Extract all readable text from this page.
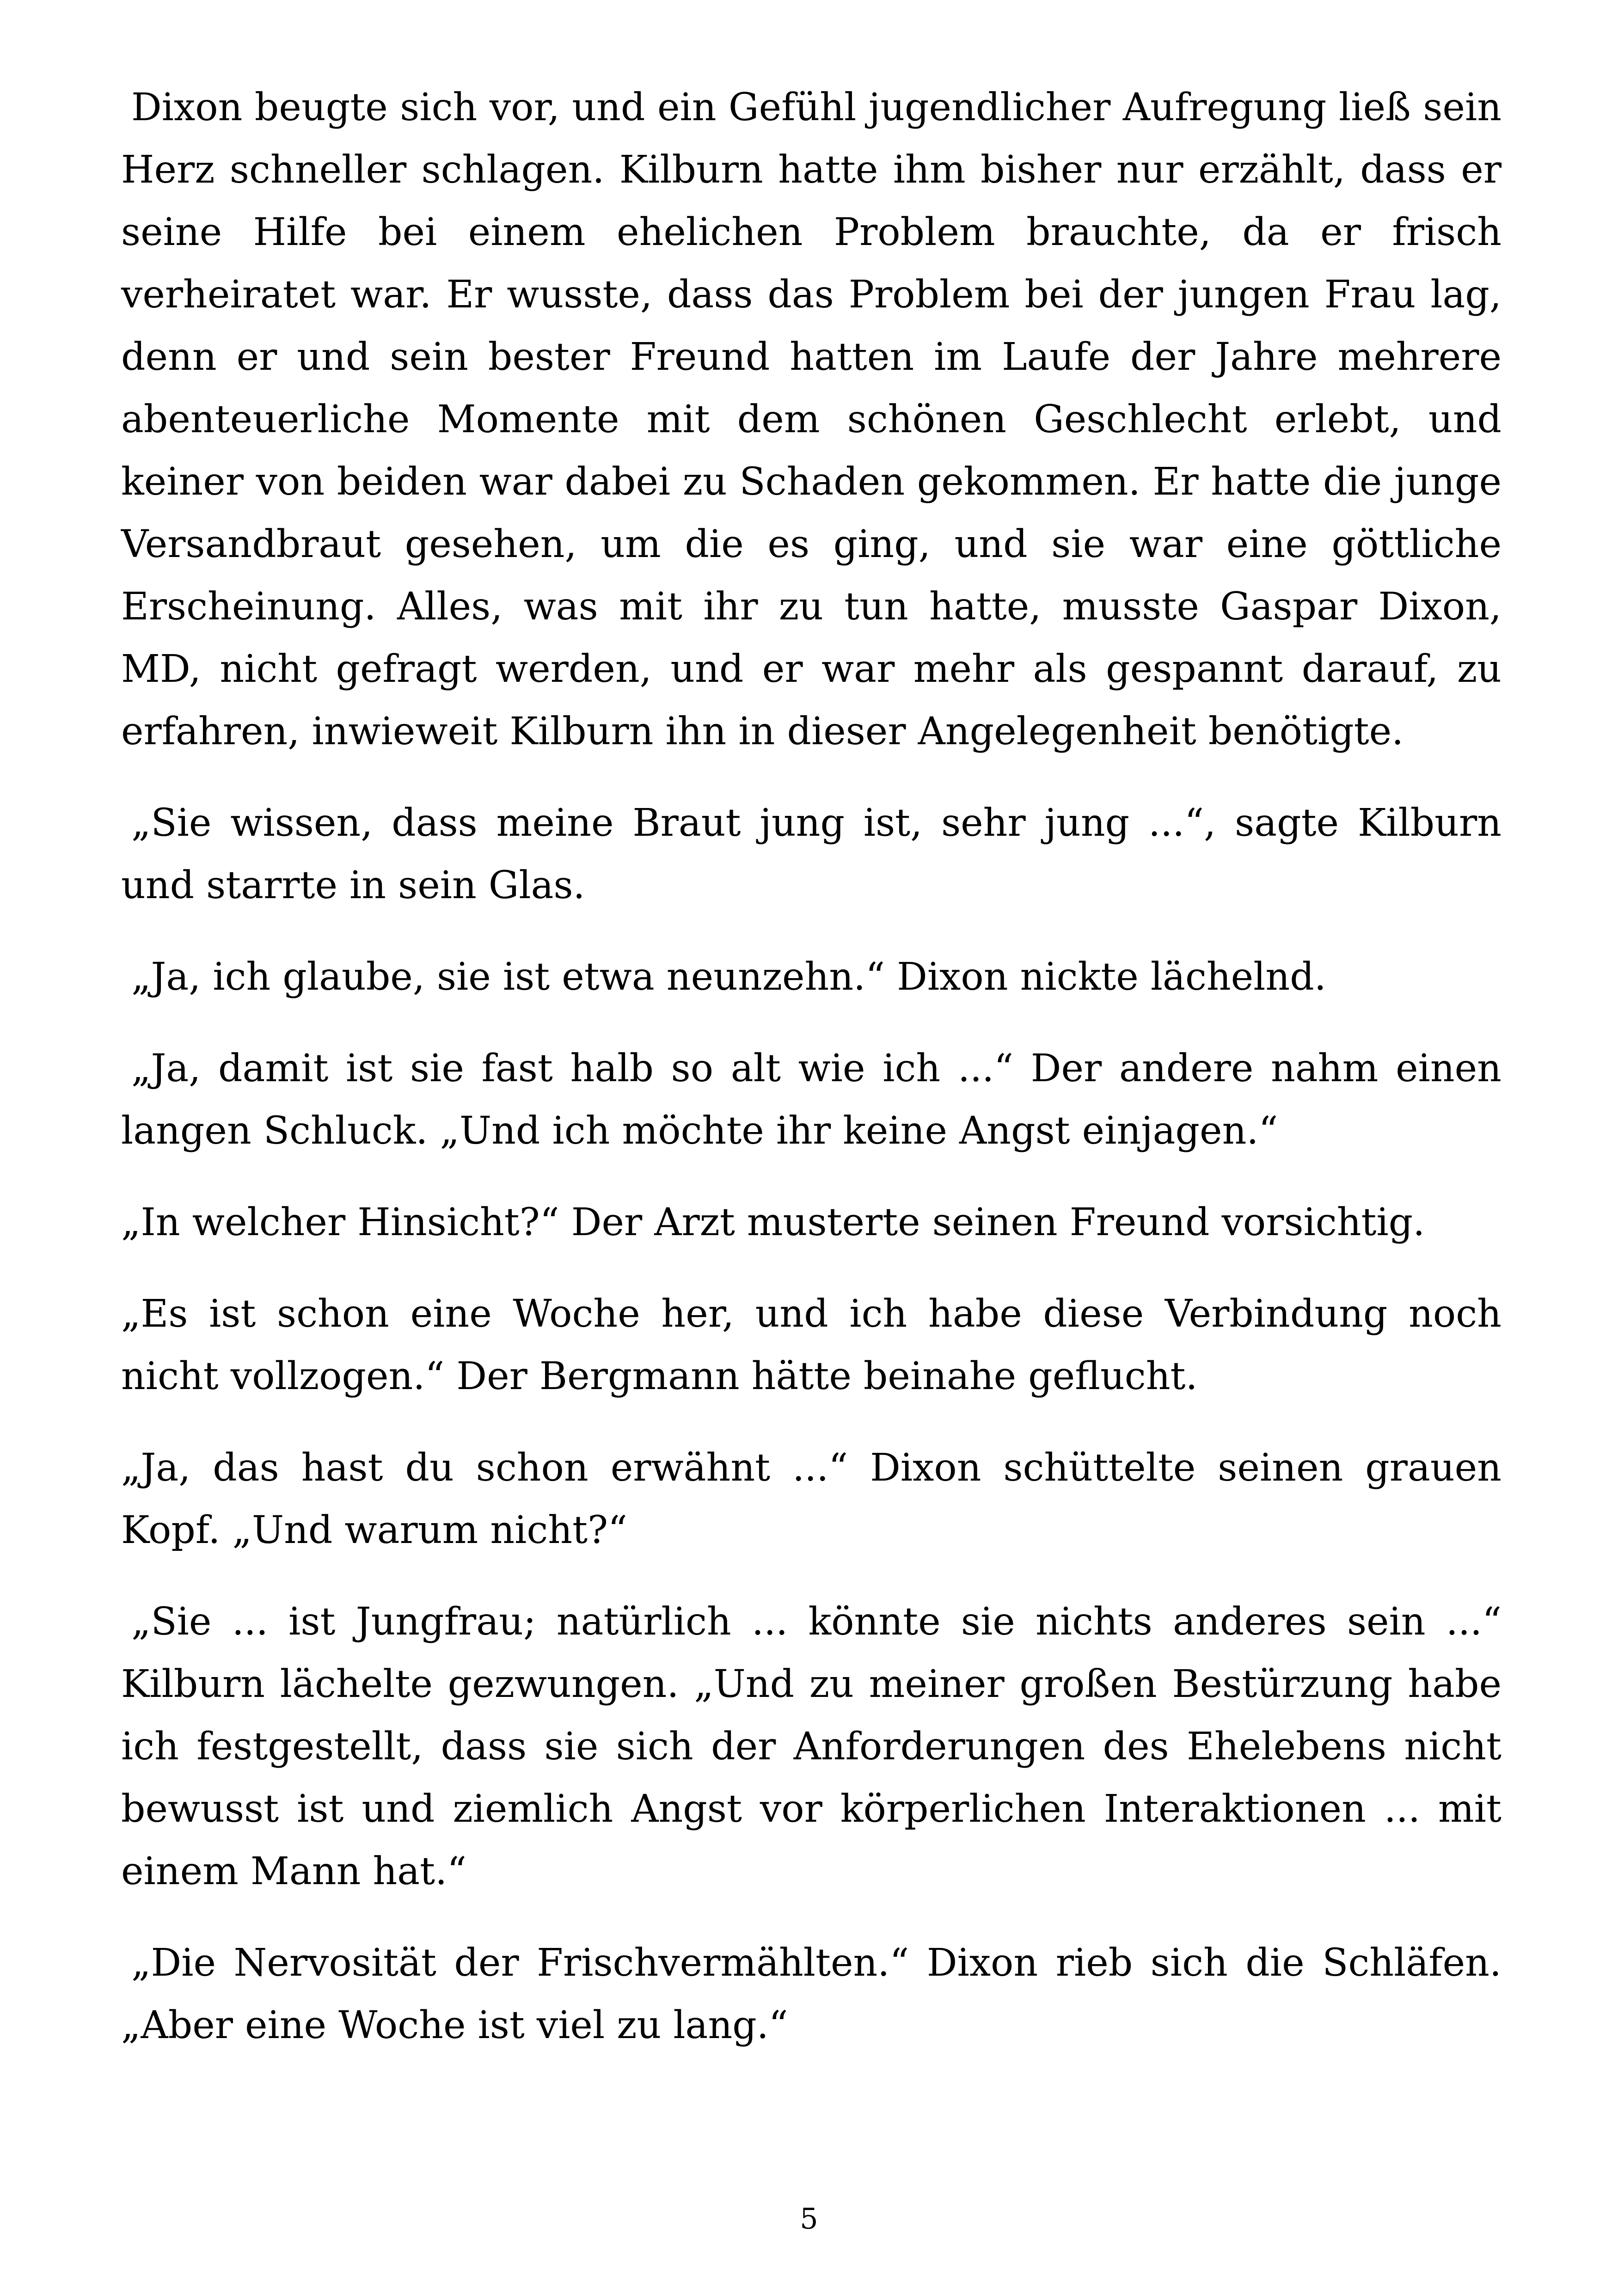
Dixon beugte sich vor, und ein Gefühl jugendlicher Aufregung ließ sein Herz schneller schlagen. Kilburn hatte ihm bisher nur erzählt, dass er seine Hilfe bei einem ehelichen Problem brauchte, da er frisch verheiratet war. Er wusste, dass das Problem bei der jungen Frau lag, denn er und sein bester Freund hatten im Laufe der Jahre mehrere abenteuerliche Momente mit dem schönen Geschlecht erlebt, und keiner von beiden war dabei zu Schaden gekommen. Er hatte die junge Versandbraut gesehen, um die es ging, und sie war eine göttliche Erscheinung. Alles, was mit ihr zu tun hatte, musste Gaspar Dixon, MD, nicht gefragt werden, und er war mehr als gespannt darauf, zu erfahren, inwieweit Kilburn ihn in dieser Angelegenheit benötigte.

„Sie wissen, dass meine Braut jung ist, sehr jung ...“, sagte Kilburn und starrte in sein Glas.

„Ja, ich glaube, sie ist etwa neunzehn.“ Dixon nickte lächelnd.

„Ja, damit ist sie fast halb so alt wie ich ...“ Der andere nahm einen langen Schluck. „Und ich möchte ihr keine Angst einjagen.“

„In welcher Hinsicht?“ Der Arzt musterte seinen Freund vorsichtig.

„Es ist schon eine Woche her, und ich habe diese Verbindung noch nicht vollzogen.“ Der Bergmann hätte beinahe geflucht.

„Ja, das hast du schon erwähnt ...“ Dixon schüttelte seinen grauen Kopf. „Und warum nicht?“

„Sie ... ist Jungfrau; natürlich ... könnte sie nichts anderes sein ...“ Kilburn lächelte gezwungen. „Und zu meiner großen Bestürzung habe ich festgestellt, dass sie sich der Anforderungen des Ehelebens nicht bewusst ist und ziemlich Angst vor körperlichen Interaktionen ... mit einem Mann hat.“

„Die Nervosität der Frischvermählten.“ Dixon rieb sich die Schläfen. „Aber eine Woche ist viel zu lang.“

5
